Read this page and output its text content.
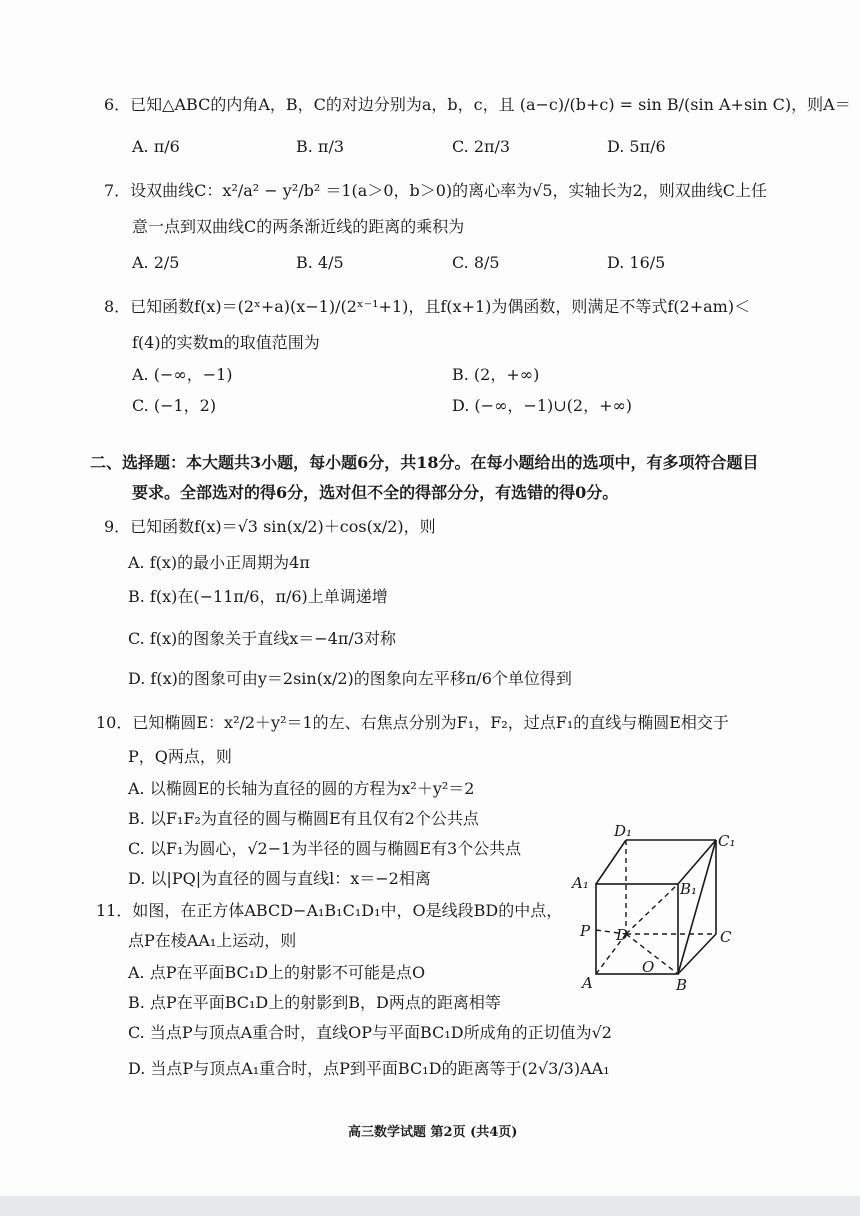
6．已知△ABC的内角A，B，C的对边分别为a，b，c，且 (a−c)/(b+c) = sin B/(sin A+sin C)，则A＝
A. π/6	B. π/3	C. 2π/3	D. 5π/6
7．设双曲线C：x²/a² − y²/b² ＝1(a＞0，b＞0)的离心率为√5，实轴长为2，则双曲线C上任
意一点到双曲线C的两条渐近线的距离的乘积为
A. 2/5	B. 4/5	C. 8/5	D. 16/5
8．已知函数f(x)＝(2ˣ+a)(x−1)/(2ˣ⁻¹+1)，且f(x+1)为偶函数，则满足不等式f(2+am)＜
f(4)的实数m的取值范围为
A. (−∞，−1)	B. (2，+∞)
C. (−1，2)	D. (−∞，−1)∪(2，+∞)
二、选择题：本大题共3小题，每小题6分，共18分。在每小题给出的选项中，有多项符合题目
要求。全部选对的得6分，选对但不全的得部分分，有选错的得0分。
9．已知函数f(x)＝√3 sin(x/2)＋cos(x/2)，则
A. f(x)的最小正周期为4π
B. f(x)在(−11π/6，π/6)上单调递增
C. f(x)的图象关于直线x＝−4π/3对称
D. f(x)的图象可由y＝2sin(x/2)的图象向左平移π/6个单位得到
10．已知椭圆E：x²/2＋y²＝1的左、右焦点分别为F₁，F₂，过点F₁的直线与椭圆E相交于
P，Q两点，则
A. 以椭圆E的长轴为直径的圆的方程为x²＋y²＝2
B. 以F₁F₂为直径的圆与椭圆E有且仅有2个公共点
C. 以F₁为圆心，√2−1为半径的圆与椭圆E有3个公共点
D. 以|PQ|为直径的圆与直线l：x＝−2相离
11．如图，在正方体ABCD−A₁B₁C₁D₁中，O是线段BD的中点，
点P在棱AA₁上运动，则
A. 点P在平面BC₁D上的射影不可能是点O
B. 点P在平面BC₁D上的射影到B，D两点的距离相等
C. 当点P与顶点A重合时，直线OP与平面BC₁D所成角的正切值为√2
D. 当点P与顶点A₁重合时，点P到平面BC₁D的距离等于(2√3/3)AA₁
D₁
C₁
A₁	B₁
P D	C
O
A	B
高三数学试题 第2页 (共4页)
